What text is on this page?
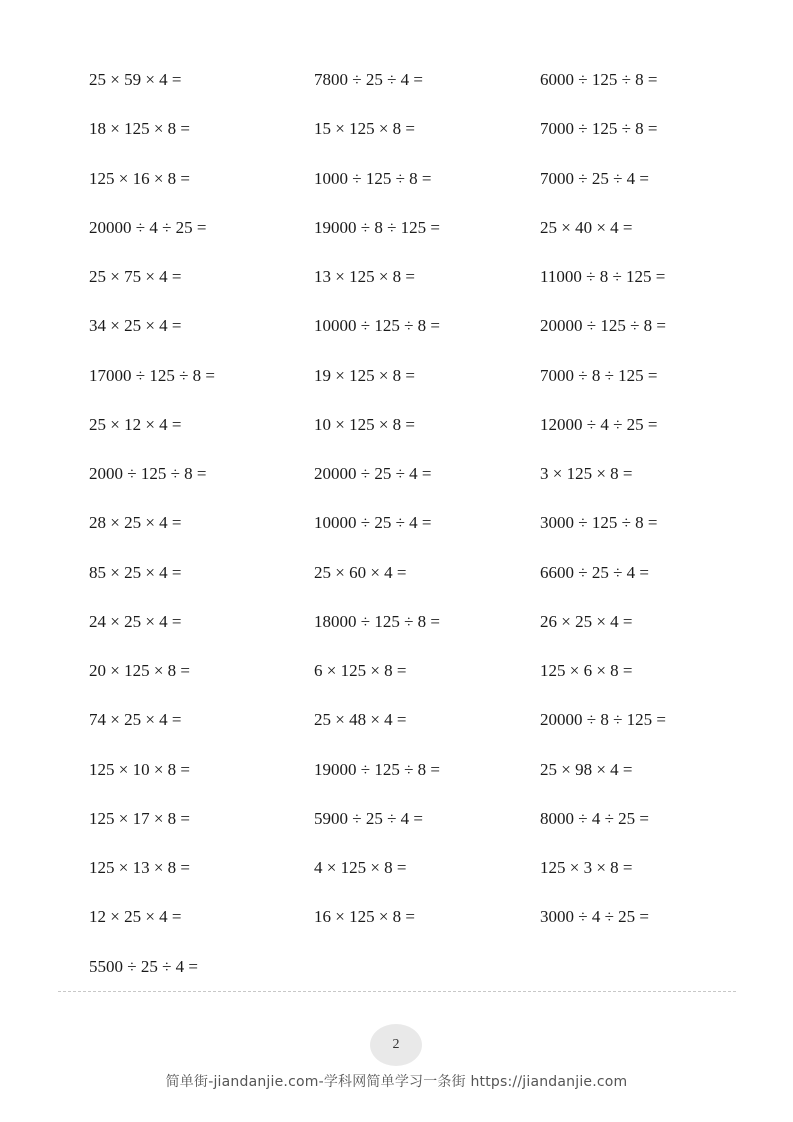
25 × 59 × 4 =
18 × 125 × 8 =
125 × 16 × 8 =
20000 ÷ 4 ÷ 25 =
25 × 75 × 4 =
34 × 25 × 4 =
17000 ÷ 125 ÷ 8 =
25 × 12 × 4 =
2000 ÷ 125 ÷ 8 =
28 × 25 × 4 =
85 × 25 × 4 =
24 × 25 × 4 =
20 × 125 × 8 =
74 × 25 × 4 =
125 × 10 × 8 =
125 × 17 × 8 =
125 × 13 × 8 =
12 × 25 × 4 =
5500 ÷ 25 ÷ 4 =
7800 ÷ 25 ÷ 4 =
15 × 125 × 8 =
1000 ÷ 125 ÷ 8 =
19000 ÷ 8 ÷ 125 =
13 × 125 × 8 =
10000 ÷ 125 ÷ 8 =
19 × 125 × 8 =
10 × 125 × 8 =
20000 ÷ 25 ÷ 4 =
10000 ÷ 25 ÷ 4 =
25 × 60 × 4 =
18000 ÷ 125 ÷ 8 =
6 × 125 × 8 =
25 × 48 × 4 =
19000 ÷ 125 ÷ 8 =
5900 ÷ 25 ÷ 4 =
4 × 125 × 8 =
16 × 125 × 8 =
6000 ÷ 125 ÷ 8 =
7000 ÷ 125 ÷ 8 =
7000 ÷ 25 ÷ 4 =
25 × 40 × 4 =
11000 ÷ 8 ÷ 125 =
20000 ÷ 125 ÷ 8 =
7000 ÷ 8 ÷ 125 =
12000 ÷ 4 ÷ 25 =
3 × 125 × 8 =
3000 ÷ 125 ÷ 8 =
6600 ÷ 25 ÷ 4 =
26 × 25 × 4 =
125 × 6 × 8 =
20000 ÷ 8 ÷ 125 =
25 × 98 × 4 =
8000 ÷ 4 ÷ 25 =
125 × 3 × 8 =
3000 ÷ 4 ÷ 25 =
2
简单街-jiandanjie.com-学科网简单学习一条街 https://jiandanjie.com
